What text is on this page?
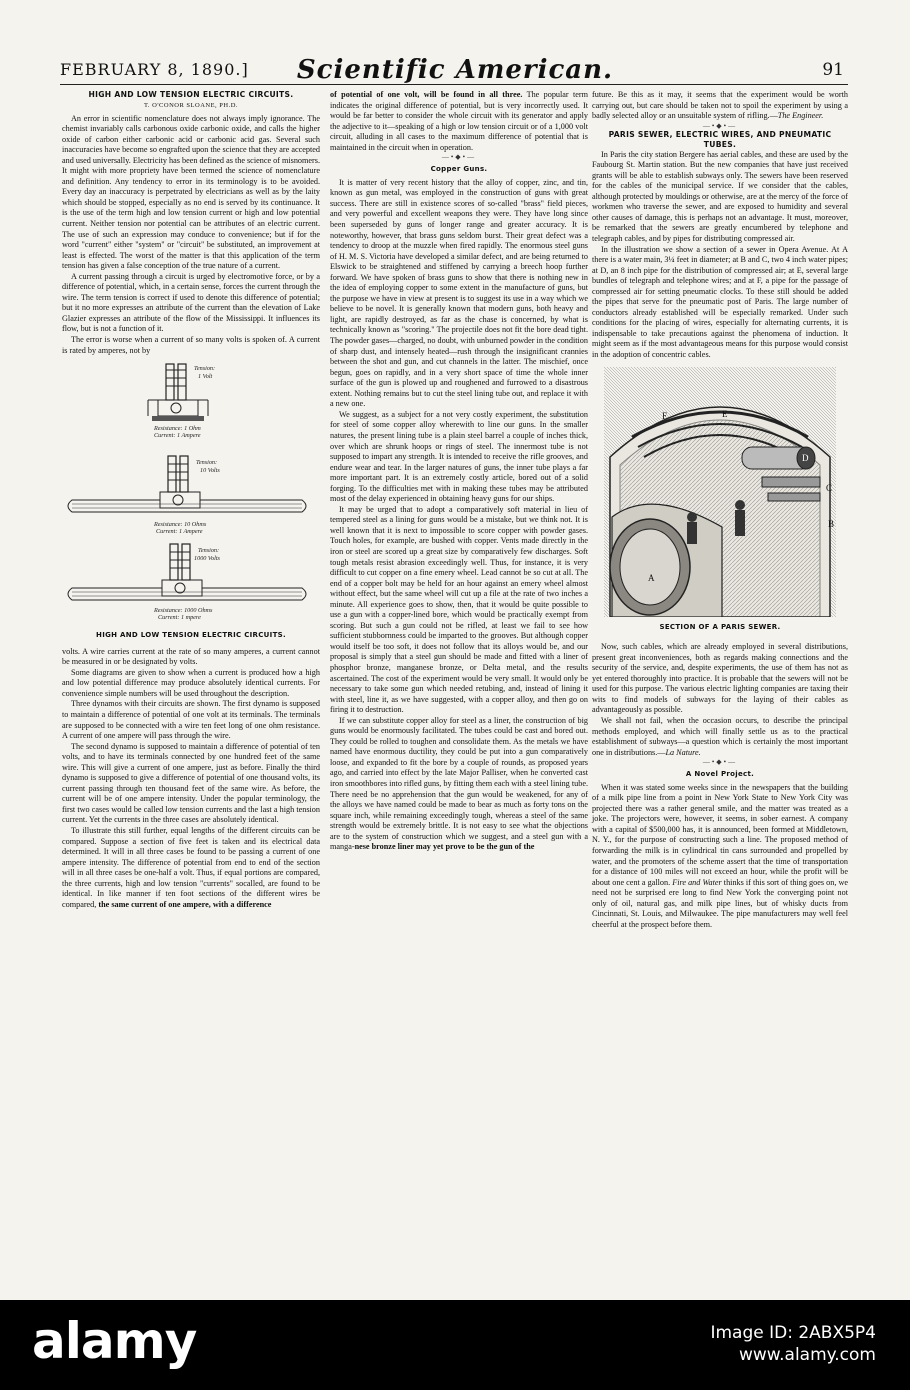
FEBRUARY 8, 1890.]	Scientific American.	91
HIGH AND LOW TENSION ELECTRIC CIRCUITS.
T. O'CONOR SLOANE, PH.D.

An error in scientific nomenclature does not always imply ignorance. The chemist invariably calls carbonous oxide carbonic oxide, and calls the higher oxide of carbon either carbonic acid or carbonic acid gas. Several such inaccuracies have become so engrafted upon the science that they are accepted and used universally. Electricity has been defined as the science of misnomers. It might with more propriety have been termed the science of nomenclature and definition. Any tendency to error in its terminology is to be avoided. Every day an inaccuracy is perpetrated by electricians as well as by the laity which should be stopped, especially as no end is served by its continuance. It is the use of the term high and low tension current or high and low potential current. Neither tension nor potential can be attributes of an electric current. The use of such an expression may conduce to convenience; but if for the word "current" either "system" or "circuit" be substituted, an improvement at least is effected. The worst of the matter is that this application of the term tension has given a false conception of the true nature of a current.

A current passing through a circuit is urged by electromotive force, or by a difference of potential, which, in a certain sense, forces the current through the wire. The term tension is correct if used to denote this difference of potential; but it no more expresses an attribute of the current than the elevation of Lake Glazier expresses an attribute of the flow of the Mississippi. It influences its flow, but is not a function of it.

The error is worse when a current of so many volts is spoken of. A current is rated by amperes, not by

Tension:
1 Volt
Resistance: 1 Ohm
Current: 1 Ampere
Tension:
10 Volts
Resistance: 10 Ohms
Current: 1 Ampere
Tension:
1000 Volts
Resistance: 1000 Ohms
Current: 1 mpere
HIGH AND LOW TENSION ELECTRIC CIRCUITS.

volts. A wire carries current at the rate of so many amperes, a current cannot be measured in or be designated by volts.

Some diagrams are given to show when a current is produced how a high and low potential difference may produce absolutely identical currents. For convenience simple numbers will be used throughout the description.

Three dynamos with their circuits are shown. The first dynamo is supposed to maintain a difference of potential of one volt at its terminals. The terminals are supposed to be connected with a wire ten feet long of one ohm resistance. A current of one ampere will pass through the wire.

The second dynamo is supposed to maintain a difference of potential of ten volts, and to have its terminals connected by one hundred feet of the same wire. This will give a current of one ampere, just as before. Finally the third dynamo is supposed to give a difference of potential of one thousand volts, its current passing through ten thousand feet of the same wire. As before, the current will be of one ampere intensity. Under the popular terminology, the first two cases would be called low tension currents and the last a high tension current. Yet the currents in the three cases are absolutely identical.

To illustrate this still further, equal lengths of the different circuits can be compared. Suppose a section of five feet is taken and its electrical data determined. It will in all three cases be found to be passing a current of one ampere intensity. The difference of potential from end to end of the section will in all three cases be one-half a volt. Thus, if equal portions are compared, the three currents, high and low tension "currents" socalled, are found to be identical. In like manner if ten foot sections of the different wires be compared, the same current of one ampere, with a difference

of potential of one volt, will be found in all three. The popular term indicates the original difference of potential, but is very incorrectly used. It would be far better to consider the whole circuit with its generator and apply the adjective to it—speaking of a high or low tension circuit or of a 1,000 volt circuit, alluding in all cases to the maximum difference of potential that is maintained in the circuit when in operation.

—•◆•—
Copper Guns.

It is matter of very recent history that the alloy of copper, zinc, and tin, known as gun metal, was employed in the construction of guns with great success. There are still in existence scores of so-called "brass" field pieces, and very powerful and excellent weapons they were. They have long since been superseded by guns of longer range and greater accuracy. It is noteworthy, however, that brass guns seldom burst. Their great defect was a tendency to droop at the muzzle when fired rapidly. The enormous steel guns of H. M. S. Victoria have developed a similar defect, and are being returned to Elswick to be straightened and stiffened by carrying a breech hoop further forward. We have spoken of brass guns to show that there is nothing new in the idea of employing copper to some extent in the manufacture of guns, but the purpose we have in view at present is to suggest its use in a way which we believe to be novel. It is generally known that modern guns, both heavy and light, are rapidly destroyed, as far as the chase is concerned, by what is technically known as "scoring." The projectile does not fit the bore dead tight. The powder gases—charged, no doubt, with unburned powder in the condition of sharp dust, and intensely heated—rush through the insignificant crannies between the shot and gun, and cut channels in the latter. The mischief, once begun, goes on rapidly, and in a very short space of time the whole inner surface of the gun is plowed up and roughened and furrowed to a disastrous extent. Nothing remains but to cut the steel lining tube out, and replace it with a new one.

We suggest, as a subject for a not very costly experiment, the substitution for steel of some copper alloy wherewith to line our guns. In the smaller natures, the present lining tube is a plain steel barrel a couple of inches thick, over which are shrunk hoops or rings of steel. The innermost tube is not supposed to impart any strength. It is intended to receive the rifle grooves, and endure wear and tear. In the larger natures of guns, the inner tube plays a far more important part. It is an extremely costly article, bored out of a solid forging. To the difficulties met with in making these tubes may be attributed most of the delay experienced in obtaining heavy guns for our ships.

It may be urged that to adopt a comparatively soft material in lieu of tempered steel as a lining for guns would be a mistake, but we think not. It is well known that it is next to impossible to score copper with powder gases. Touch holes, for example, are bushed with copper. Vents made directly in the iron or steel are scored up a great size by comparatively few discharges. Soft tough metals resist abrasion exceedingly well. Thus, for instance, it is very difficult to cut copper on a fine emery wheel. Lead cannot be so cut at all. The end of a copper bolt may be held for an hour against an emery wheel almost without effect, but the same wheel will cut up a file at the rate of two inches a minute. All experience goes to show, then, that it would be quite possible to use a gun with a copper-lined bore, which would be practically exempt from scoring. But such a gun could not be rifled, at least we fail to see how sufficient stubbornness could be imparted to the grooves. But although copper would itself be too soft, it does not follow that its alloys would be, and our proposal is simply that a steel gun should be made and fitted with a liner of phosphor bronze, manganese bronze, or Delta metal, and the results ascertained. The cost of the experiment would be very small. It would only be necessary to take some gun which needed retubing, and, instead of lining it with steel, line it, as we have suggested, with a copper alloy, and then go on firing it to destruction.

If we can substitute copper alloy for steel as a liner, the construction of big guns would be enormously facilitated. The tubes could be cast and bored out. They could be rolled to toughen and consolidate them. As the metals we have named have enormous ductility, they could be put into a gun comparatively loose, and expanded to fit the bore by a couple of rounds, as proposed years ago, and carried into effect by the late Major Palliser, when he converted cast iron smoothbores into rifled guns, by fitting them each with a steel lining tube. There need be no apprehension that the gun would be weakened, for any of the alloys we have named could be made to bear as much as forty tons on the square inch, while remaining exceedingly tough, whereas a steel of the same strength would be extremely brittle. It is not easy to see what the objections are to the system of construction which we suggest, and a steel gun with a manga-nese bronze liner may yet prove to be the gun of the

future. Be this as it may, it seems that the experiment would be worth carrying out, but care should be taken not to spoil the experiment by using a badly selected alloy or an unsuitable system of rifling.—The Engineer.

—•◆•—
PARIS SEWER, ELECTRIC WIRES, AND PNEUMATIC TUBES.

In Paris the city station Bergere has aerial cables, and these are used by the Faubourg St. Martin station. But the new companies that have just received grants will be able to establish subways only. The sewers have been reserved for the cables of the municipal service. If we consider that the cables, although protected by mouldings or otherwise, are at the mercy of the force of workmen who traverse the sewer, and are exposed to humidity and several other causes of damage, this is perhaps not an advantage. It must, moreover, be remarked that the sewers are greatly encumbered by telephone and telegraph cables, and by pipes for distributing compressed air.

In the illustration we show a section of a sewer in Opera Avenue. At A there is a water main, 3¼ feet in diameter; at B and C, two 4 inch water pipes; at D, an 8 inch pipe for the distribution of compressed air; at E, several large bundles of telegraph and telephone wires; and at F, a pipe for the passage of compressed air for setting pneumatic clocks. To these still should be added the pipes that serve for the pneumatic post of Paris. The large number of conductors already established will be especially remarked. Under such conditions for the placing of wires, especially for alternating currents, it is indispensable to take precautions against the phenomena of induction. It might seem as if the most advantageous means for this purpose would consist in the adoption of concentric cables.

A
B
C
D
E
F
SECTION OF A PARIS SEWER.

Now, such cables, which are already employed in several distributions, present great inconveniences, both as regards making connections and the security of the service, and, despite experiments, the use of them has not as yet entered thoroughly into practice. It is probable that the sewers will not be used for this purpose. The various electric lighting companies are taxing their wits to find models of subways for the laying of their cables as advantageously as possible.

We shall not fail, when the occasion occurs, to describe the principal methods employed, and which will finally settle us as to the practical establishment of subways—a question which is certainly the most important one in distributions.—La Nature.

—•◆•—
A Novel Project.

When it was stated some weeks since in the newspapers that the building of a milk pipe line from a point in New York State to New York City was projected there was a rather general smile, and the matter was treated as a joke. The projectors were, however, it seems, in sober earnest. A company with a capital of $500,000 has, it is announced, been formed at Middletown, N. Y., for the purpose of constructing such a line. The proposed method of forwarding the milk is in cylindrical tin cans surrounded and propelled by water, and the promoters of the scheme assert that the time of transportation for a distance of 100 miles will not exceed an hour, while the profit will be about one cent a gallon. Fire and Water thinks if this sort of thing goes on, we need not be surprised ere long to find New York the converging point not only of oil, natural gas, and milk pipe lines, but of whisky ducts from Cincinnati, St. Louis, and Milwaukee. The pipe manufacturers may well feel cheerful at the prospect before them.

alamy	Image ID: 2ABX5P4
www.alamy.com
